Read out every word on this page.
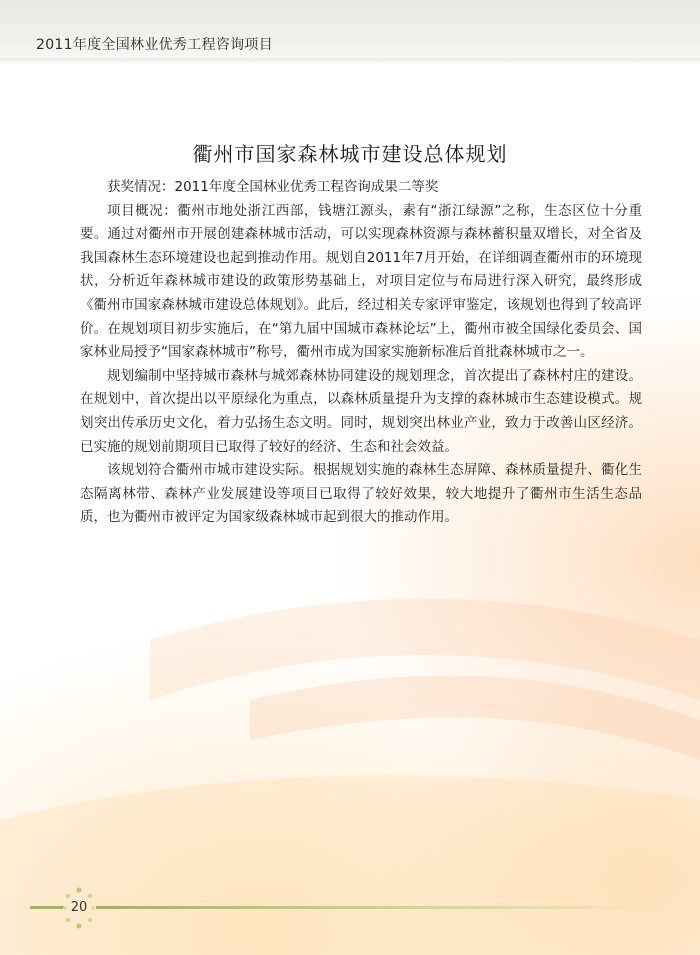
2011年度全国林业优秀工程咨询项目
衢州市国家森林城市建设总体规划

获奖情况：2011年度全国林业优秀工程咨询成果二等奖

项目概况：衢州市地处浙江西部，钱塘江源头，素有“浙江绿源”之称，生态区位十分重要。通过对衢州市开展创建森林城市活动，可以实现森林资源与森林蓄积量双增长，对全省及我国森林生态环境建设也起到推动作用。规划自2011年7月开始，在详细调查衢州市的环境现状，分析近年森林城市建设的政策形势基础上，对项目定位与布局进行深入研究，最终形成《衢州市国家森林城市建设总体规划》。此后，经过相关专家评审鉴定，该规划也得到了较高评价。在规划项目初步实施后，在“第九届中国城市森林论坛”上，衢州市被全国绿化委员会、国家林业局授予“国家森林城市”称号，衢州市成为国家实施新标准后首批森林城市之一。

规划编制中坚持城市森林与城郊森林协同建设的规划理念，首次提出了森林村庄的建设。在规划中，首次提出以平原绿化为重点，以森林质量提升为支撑的森林城市生态建设模式。规划突出传承历史文化，着力弘扬生态文明。同时，规划突出林业产业，致力于改善山区经济。已实施的规划前期项目已取得了较好的经济、生态和社会效益。

该规划符合衢州市城市建设实际。根据规划实施的森林生态屏障、森林质量提升、衢化生态隔离林带、森林产业发展建设等项目已取得了较好效果，较大地提升了衢州市生活生态品质，也为衢州市被评定为国家级森林城市起到很大的推动作用。

20
